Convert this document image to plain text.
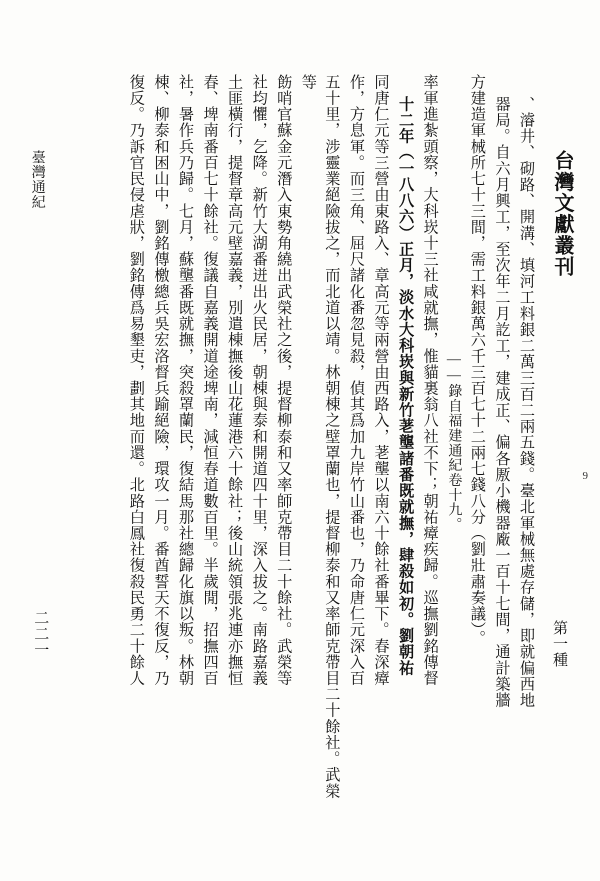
台灣文獻叢刊
9
第一種
臺灣通紀
二二一	、濬井、砌路、開溝、填河工料銀二萬三百二兩五錢。臺北軍械無處存儲，即就偏西地
器局。自六月興工，至次年二月訖工，建成正、偏各厫小機器廠一百十七間，通計築牆
方建造軍械所七十三間，需工料銀萬六千三百七十二兩七錢八分（劉壯肅奏議）。
——錄自福建通紀卷十九。
率軍進紮頭察，大科崁十三社咸就撫，惟貓裏翁八社不下；朝祐瘴疾歸。巡撫劉銘傳督
十二年（一八八六）正月，淡水大科崁與新竹荖壟諸番既就撫，肆殺如初。劉朝祐
同唐仁元等三營由東路入、章高元等兩營由西路入，荖壟以南六十餘社番畢下。春深瘴
作，方息軍。而三角、屈尺諸化番忽見殺，偵其爲加九岸竹山番也，乃命唐仁元深入百
五十里，涉靈業絕險拔之，而北道以靖。林朝棟之壁罩蘭也，提督柳泰和又率師克帶目二十餘社。武榮等
飭哨官蘇金元潛入東勢角繞出武榮社之後，提督柳泰和又率師克帶目二十餘社。武榮等
社均懼，乞降。新竹大湖番迸出火民居，朝棟與泰和開道四十里，深入拔之。南路嘉義
土匪橫行，提督章高元壁嘉義，別遣棟撫後山花蓮港六十餘社；後山統領張兆連亦撫恒
春、埤南番百七十餘社。復議自嘉義開道途埤南，減恒春道數百里。半歲閒，招撫四百
社，暑作兵乃歸。七月，蘇壟番既就撫，突殺罩蘭民，復結馬那社總歸化旗以叛。林朝
棟、柳泰和困山中，劉銘傳檄總兵吳宏洛督兵踰絕險，環攻一月。番酋誓天不復反，乃
復反。乃訴官民侵虐狀，劉銘傳爲易墾吏，劃其地而還。北路白鳳社復殺民勇二十餘人
